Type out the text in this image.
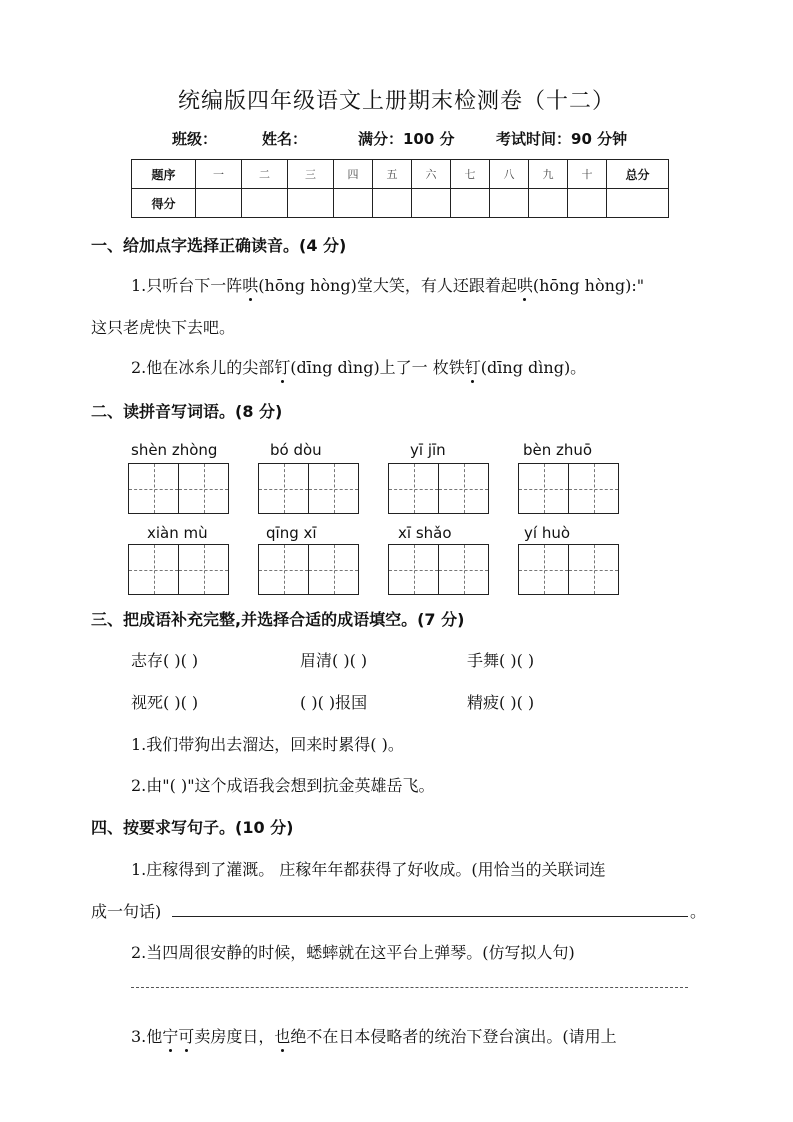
统编版四年级语文上册期末检测卷（十二）
班级：	姓名：	满分：100 分	考试时间：90 分钟
题序	一	二	三	四	五	六	七	八	九	十	总分
得分											
一、给加点字选择正确读音。(4 分)
1.只听台下一阵哄(hōng hòng)堂大笑，有人还跟着起哄(hōng hòng):"
这只老虎快下去吧。
2.他在冰糸儿的尖部钉(dīng dìng)上了一 枚铁钉(dīng dìng)。
二、读拼音写词语。(8 分)
shèn zhòng	bó dòu	yī jīn	bèn zhuō
xiàn mù	qīng xī	xī shǎo	yí huò
三、把成语补充完整,并选择合适的成语填空。(7 分)
志存( )( )	眉清( )( )	手舞( )( )
视死( )( )	( )( )报国	精疲( )( )
1.我们带狗出去溜达，回来时累得( )。
2.由"( )"这个成语我会想到抗金英雄岳飞。
四、按要求写句子。(10 分)
1.庄稼得到了灌溉。 庄稼年年都获得了好收成。(用恰当的关联词连
成一句话)	。
2.当四周很安静的时候，蟋蟀就在这平台上弹琴。(仿写拟人句)
3.他宁可卖房度日，也绝不在日本侵略者的统治下登台演出。(请用上
